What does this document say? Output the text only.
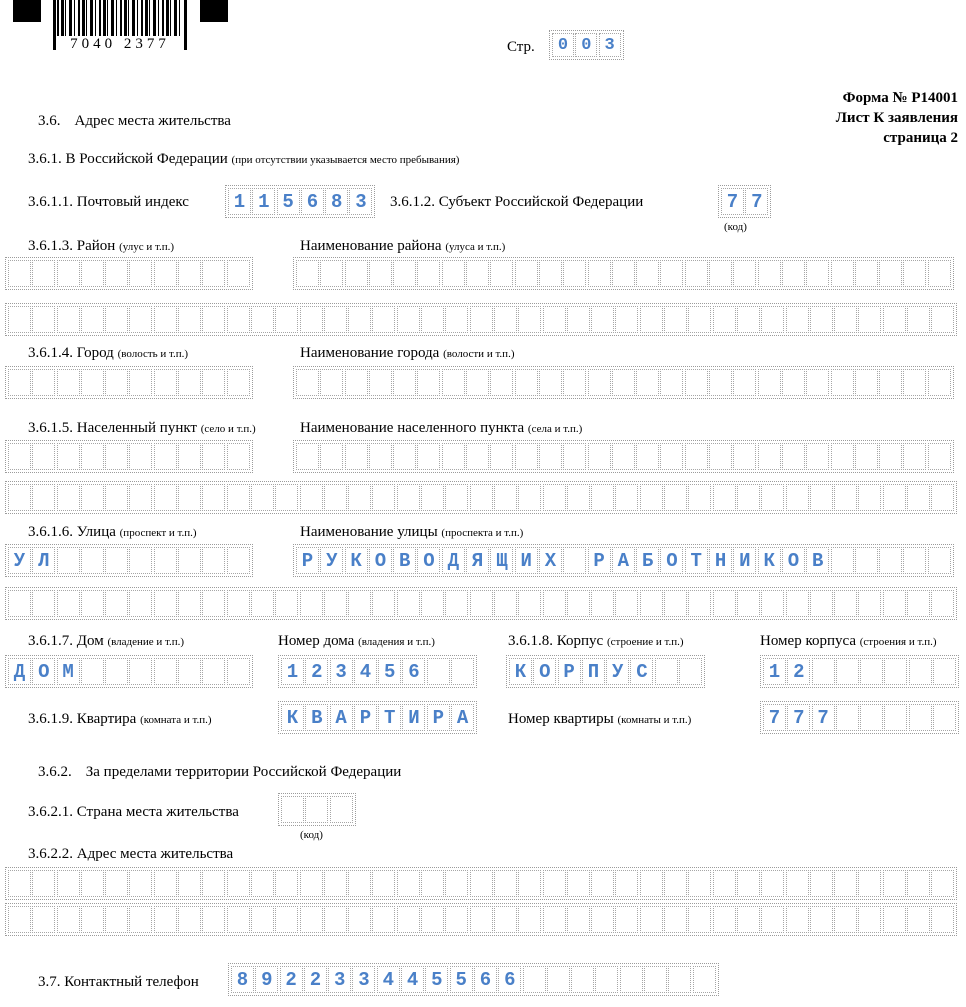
7040 2377	Стр.	0 0 3
Форма № Р14001
Лист К заявления
страница 2
3.6. Адрес места жительства
3.6.1. В Российской Федерации (при отсутствии указывается место пребывания)
3.6.1.1. Почтовый индекс	1 1 5 6 8 3	3.6.1.2. Субъект Российской Федерации	7 7
(код)
3.6.1.3. Район (улус и т.п.)	Наименование района (улуса и т.п.)
3.6.1.4. Город (волость и т.п.)	Наименование города (волости и т.п.)
3.6.1.5. Населенный пункт (село и т.п.)	Наименование населенного пункта (села и т.п.)
3.6.1.6. Улица (проспект и т.п.)	Наименование улицы (проспекта и т.п.)
У Л	Р У К О В О Д Я Щ И Х	Р А Б О Т Н И К О В
3.6.1.7. Дом (владение и т.п.)	Номер дома (владения и т.п.)	3.6.1.8. Корпус (строение и т.п.)	Номер корпуса (строения и т.п.)
Д О М	1 2 3 4 5 6	К О Р П У С	1 2
3.6.1.9. Квартира (комната и т.п.)	К В А Р Т И Р А	Номер квартиры (комнаты и т.п.)	7 7 7
3.6.2. За пределами территории Российской Федерации
3.6.2.1. Страна места жительства
(код)
3.6.2.2. Адрес места жительства
3.7. Контактный телефон	8 9 2 2 3 3 4 4 5 5 6 6
